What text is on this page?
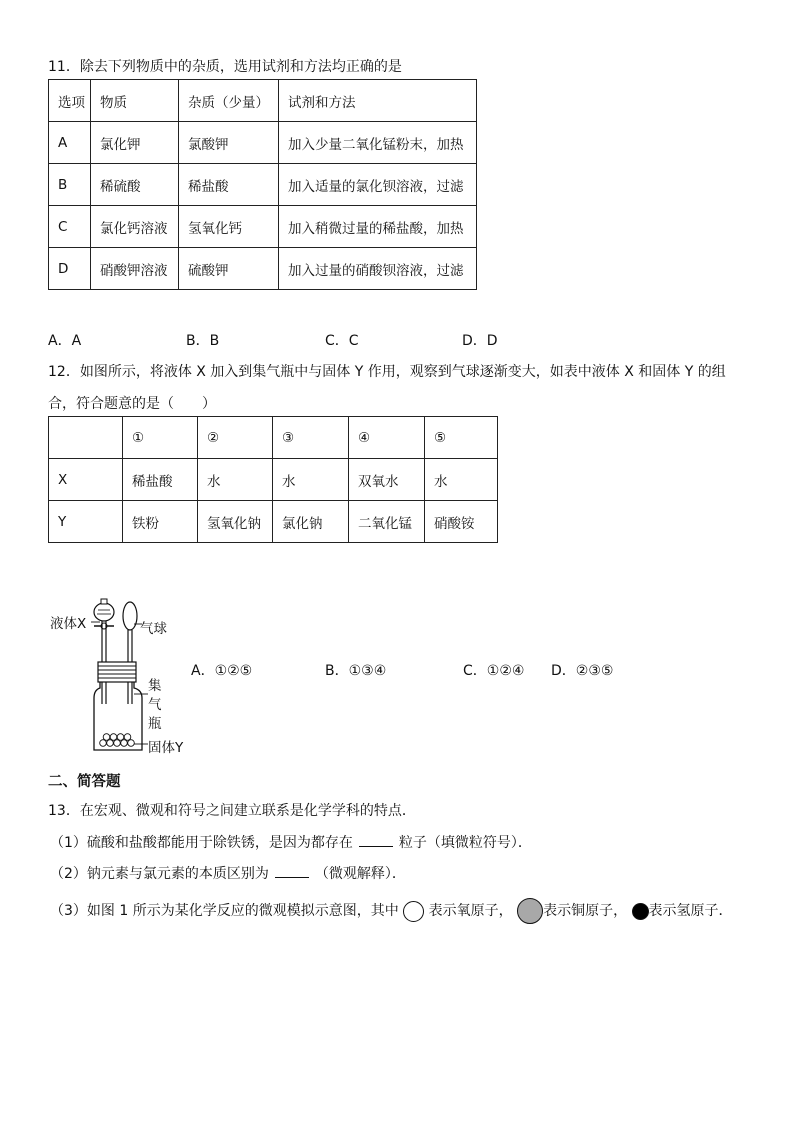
11．除去下列物质中的杂质，选用试剂和方法均正确的是
选项	物质	杂质（少量）	试剂和方法
A	氯化钾	氯酸钾	加入少量二氧化锰粉末，加热
B	稀硫酸	稀盐酸	加入适量的氯化钡溶液，过滤
C	氯化钙溶液	氢氧化钙	加入稍微过量的稀盐酸，加热
D	硝酸钾溶液	硫酸钾	加入过量的硝酸钡溶液，过滤
A．A	B．B	C．C	D．D
12．如图所示，将液体 X 加入到集气瓶中与固体 Y 作用，观察到气球逐渐变大，如表中液体 X 和固体 Y 的组
合，符合题意的是（　　）
	①	②	③	④	⑤
X	稀盐酸	水	水	双氧水	水
Y	铁粉	氢氧化钠	氯化钠	二氧化锰	硝酸铵
液体X	气球
集
气
瓶
固体Y
A．①②⑤	B．①③④	C．①②④ D．②③⑤
二、简答题
13．在宏观、微观和符号之间建立联系是化学学科的特点．
（1）硫酸和盐酸都能用于除铁锈，是因为都存在	粒子（填微粒符号）．
（2）钠元素与氯元素的本质区别为	（微观解释）．
（3）如图 1 所示为某化学反应的微观模拟示意图，其中 表示氧原子， 表示铜原子， 表示氢原子．
